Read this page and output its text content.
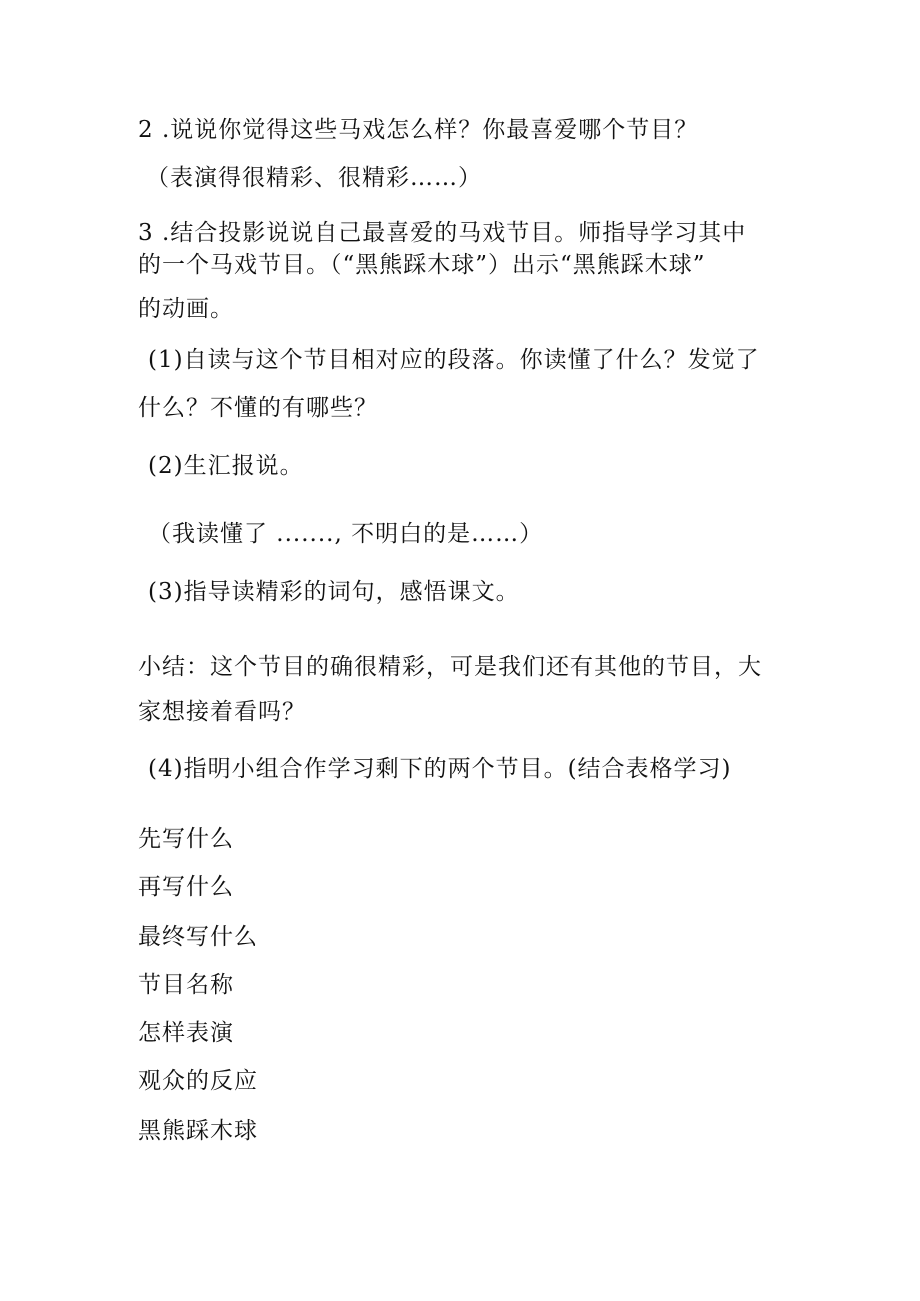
2 .说说你觉得这些马戏怎么样？你最喜爱哪个节目？
（表演得很精彩、很精彩……）
3 .结合投影说说自己最喜爱的马戏节目。师指导学习其中
的一个马戏节目。（“黑熊踩木球”）出示“黑熊踩木球”
的动画。
(1)自读与这个节目相对应的段落。你读懂了什么？发觉了
什么？不懂的有哪些？
(2)生汇报说。
（我读懂了 ......., 不明白的是……）
(3)指导读精彩的词句，感悟课文。
小结：这个节目的确很精彩，可是我们还有其他的节目，大
家想接着看吗？
(4)指明小组合作学习剩下的两个节目。(结合表格学习)
先写什么
再写什么
最终写什么
节目名称
怎样表演
观众的反应
黑熊踩木球
